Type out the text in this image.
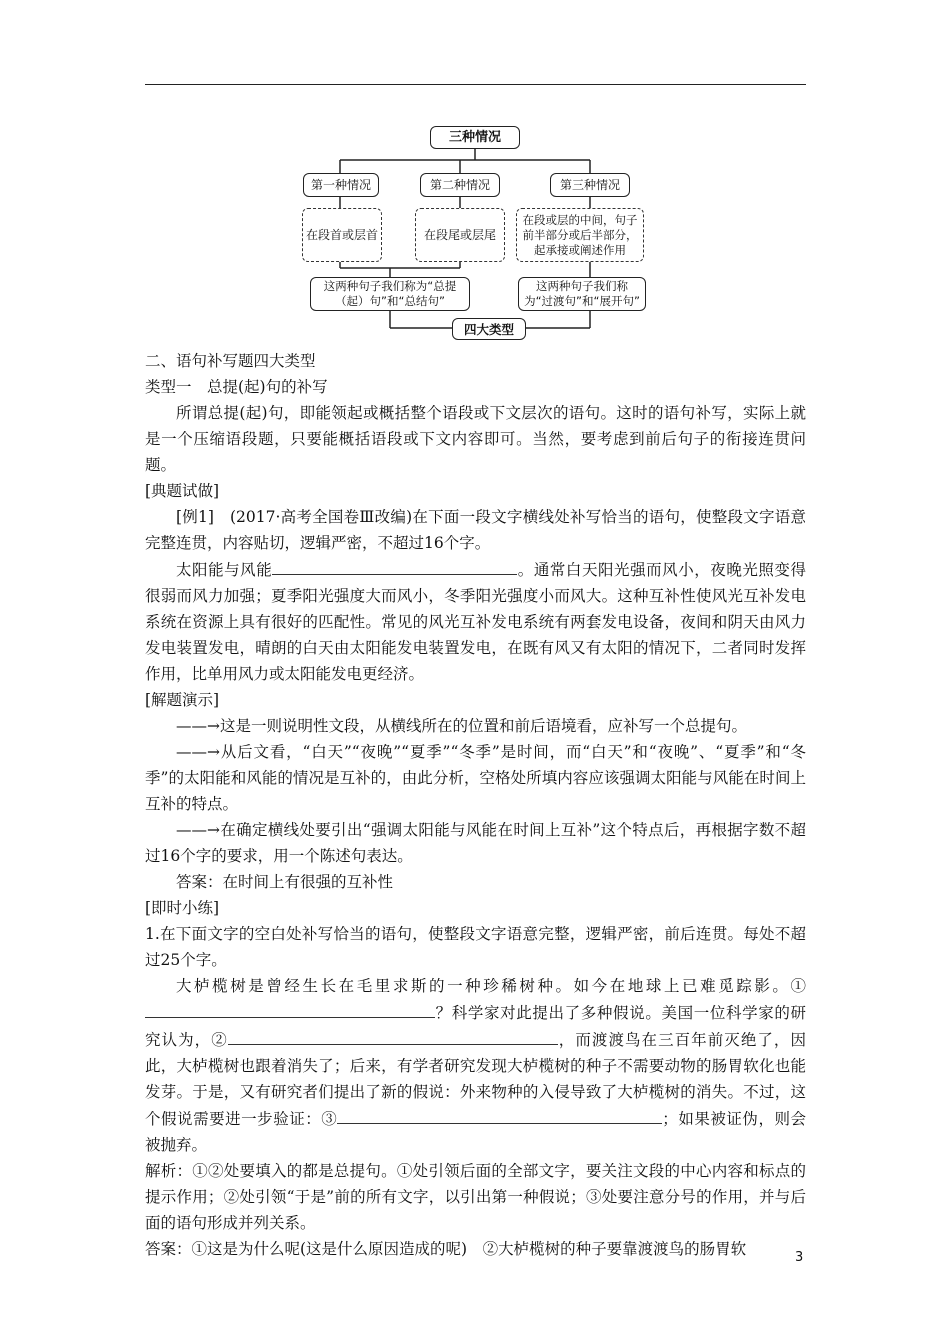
三种情况
第一种情况	第二种情况	第三种情况
在段首或层首	在段尾或层尾
在段或层的中间，句子前半部分或后半部分，起承接或阐述作用
这两种句子我们称为“总提（起）句”和“总结句”
这两种句子我们称为“过渡句”和“展开句”
四大类型

二、语句补写题四大类型

类型一　总提(起)句的补写

所谓总提(起)句，即能领起或概括整个语段或下文层次的语句。这时的语句补写，实际上就是一个压缩语段题，只要能概括语段或下文内容即可。当然，要考虑到前后句子的衔接连贯问题。

[典题试做]

[例1]　(2017·高考全国卷Ⅲ改编)在下面一段文字横线处补写恰当的语句，使整段文字语意完整连贯，内容贴切，逻辑严密，不超过16个字。

太阳能与风能	。通常白天阳光强而风小，夜晚光照变得很弱而风力加强；夏季阳光强度大而风小，冬季阳光强度小而风大。这种互补性使风光互补发电系统在资源上具有很好的匹配性。常见的风光互补发电系统有两套发电设备，夜间和阴天由风力发电装置发电，晴朗的白天由太阳能发电装置发电，在既有风又有太阳的情况下，二者同时发挥作用，比单用风力或太阳能发电更经济。

[解题演示]

——→这是一则说明性文段，从横线所在的位置和前后语境看，应补写一个总提句。

——→从后文看，“白天”“夜晚”“夏季”“冬季”是时间，而“白天”和“夜晚”、“夏季”和“冬季”的太阳能和风能的情况是互补的，由此分析，空格处所填内容应该强调太阳能与风能在时间上互补的特点。

——→在确定横线处要引出“强调太阳能与风能在时间上互补”这个特点后，再根据字数不超过16个字的要求，用一个陈述句表达。

答案：在时间上有很强的互补性

[即时小练]

1.在下面文字的空白处补写恰当的语句，使整段文字语意完整，逻辑严密，前后连贯。每处不超过25个字。

大栌榄树是曾经生长在毛里求斯的一种珍稀树种。如今在地球上已难觅踪影。①？科学家对此提出了多种假说。美国一位科学家的研究认为，②	，而渡渡鸟在三百年前灭绝了，因此，大栌榄树也跟着消失了；后来，有学者研究发现大栌榄树的种子不需要动物的肠胃软化也能发芽。于是，又有研究者们提出了新的假说：外来物种的入侵导致了大栌榄树的消失。不过，这个假说需要进一步验证：③	；如果被证伪，则会被抛弃。

解析：①②处要填入的都是总提句。①处引领后面的全部文字，要关注文段的中心内容和标点的提示作用；②处引领“于是”前的所有文字，以引出第一种假说；③处要注意分号的作用，并与后面的语句形成并列关系。

答案：①这是为什么呢(这是什么原因造成的呢)　②大栌榄树的种子要靠渡渡鸟的肠胃软	3
